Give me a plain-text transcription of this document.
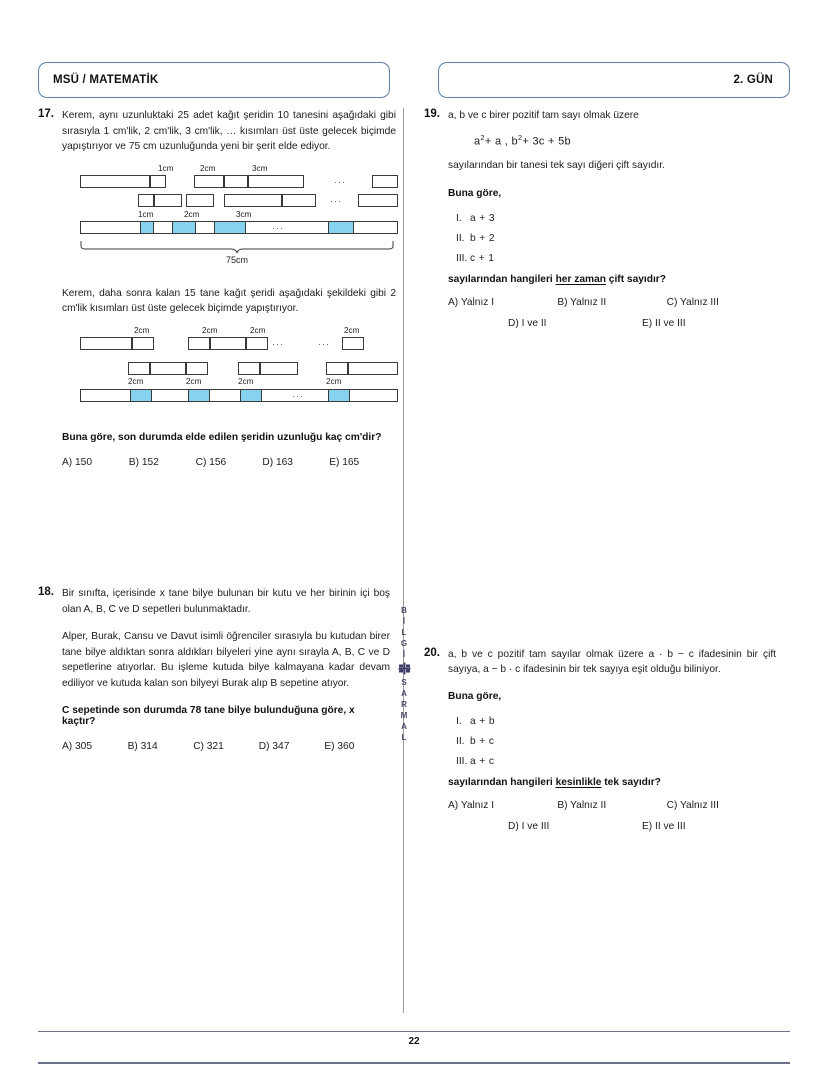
MSÜ / MATEMATİK	2. GÜN
B
İ
L
G
İ
S
A
R
M
A
L
17. Kerem, aynı uzunluktaki 25 adet kağıt şeridin 10 tanesini aşağıdaki gibi sırasıyla 1 cm'lik, 2 cm'lik, 3 cm'lik, … kısımları üst üste gelecek biçimde yapıştırıyor ve 75 cm uzunluğunda yeni bir şerit elde ediyor.

1cm	2cm	3cm
···
···
1cm	2cm	3cm
···
75cm

Kerem, daha sonra kalan 15 tane kağıt şeridi aşağıdaki şekildeki gibi 2 cm'lik kısımları üst üste gelecek biçimde yapıştırıyor.

2cm	2cm	2cm	2cm
···	···
2cm	2cm	2cm	2cm
···

Buna göre, son durumda elde edilen şeridin uzunluğu kaç cm'dir?

A) 150	B) 152	C) 156	D) 163	E) 165
18. Bir sınıfta, içerisinde x tane bilye bulunan bir kutu ve her birinin içi boş olan A, B, C ve D sepetleri bulunmaktadır.

Alper, Burak, Cansu ve Davut isimli öğrenciler sırasıyla bu kutudan birer tane bilye aldıktan sonra aldıkları bilyeleri yine aynı sırayla A, B, C ve D sepetlerine atıyorlar. Bu işleme kutuda bilye kalmayana kadar devam ediliyor ve kutuda kalan son bilyeyi Burak alıp B sepetine atıyor.

C sepetinde son durumda 78 tane bilye bulunduğuna göre, x kaçtır?

A) 305	B) 314	C) 321	D) 347	E) 360
19. a, b ve c birer pozitif tam sayı olmak üzere

$a^2+ a$ , $b^2+ 3c + 5b$

sayılarından bir tanesi tek sayı diğeri çift sayıdır.

Buna göre,

I. a + 3
II. b + 2
III. c + 1

sayılarından hangileri her zaman çift sayıdır?

A) Yalnız I	B) Yalnız II	C) Yalnız III
D) I ve II	E) II ve III
20. a, b ve c pozitif tam sayılar olmak üzere a · b − c ifadesinin bir çift sayıya, a − b · c ifadesinin bir tek sayıya eşit olduğu biliniyor.

Buna göre,

I. a + b
II. b + c
III. a + c

sayılarından hangileri kesinlikle tek sayıdır?

A) Yalnız I	B) Yalnız II	C) Yalnız III
D) I ve III	E) II ve III
22
